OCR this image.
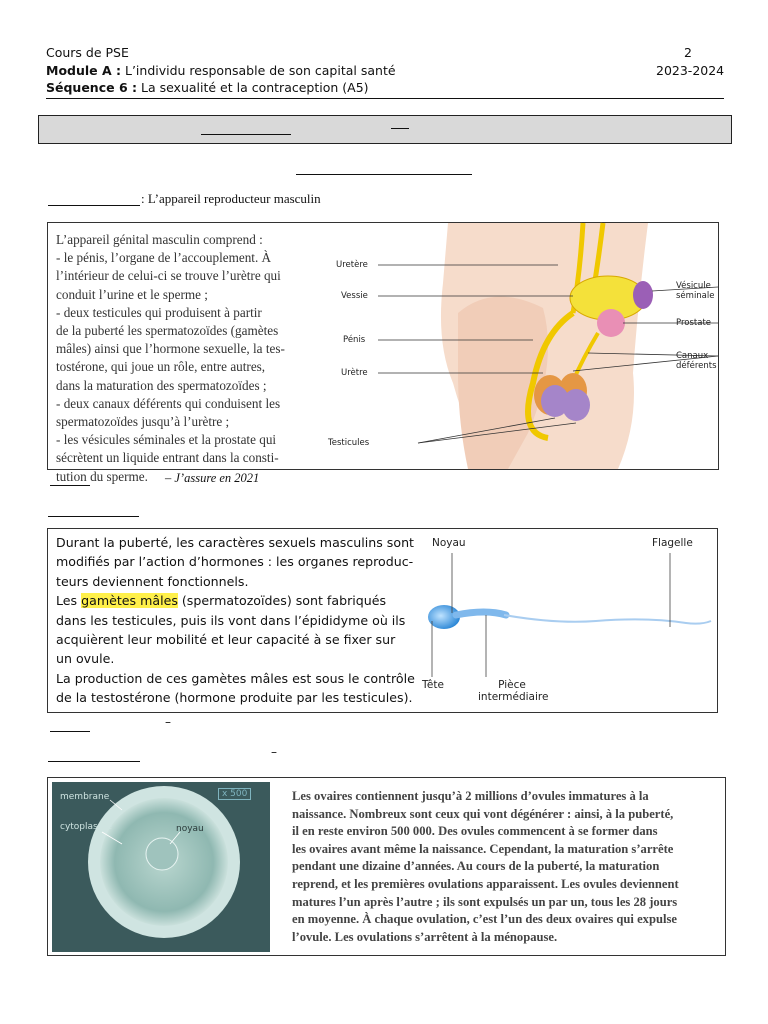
Cours de PSE	2
Module A : L’individu responsable de son capital santé	2023-2024
Séquence 6 : La sexualité et la contraception (A5)
: L’appareil reproducteur masculin
L’appareil génital masculin comprend :
- le pénis, l’organe de l’accouplement. À
l’intérieur de celui-ci se trouve l’urètre qui
conduit l’urine et le sperme ;
- deux testicules qui produisent à partir
de la puberté les spermatozoïdes (gamètes
mâles) ainsi que l’hormone sexuelle, la tes-
tostérone, qui joue un rôle, entre autres,
dans la maturation des spermatozoïdes ;
- deux canaux déférents qui conduisent les
spermatozoïdes jusqu’à l’urètre ;
- les vésicules séminales et la prostate qui
sécrètent un liquide entrant dans la consti-
tution du sperme.
Uretère
Vessie
Pénis
Urètre
Testicules
Vésicule séminale
Prostate
Canaux déférents
– J’assure en 2021
Durant la puberté, les caractères sexuels masculins sont
modifiés par l’action d’hormones : les organes reproduc-
teurs deviennent fonctionnels.
Les gamètes mâles (spermatozoïdes) sont fabriqués
dans les testicules, puis ils vont dans l’épididyme où ils
acquièrent leur mobilité et leur capacité à se fixer sur
un ovule.
La production de ces gamètes mâles est sous le contrôle
de la testostérone (hormone produite par les testicules).
Noyau	Flagelle
Tête	Pièce
intermédiaire
–
–
membrane
cytoplasme	noyau
x 500	Les ovaires contiennent jusqu’à 2 millions d’ovules immatures à la
naissance. Nombreux sont ceux qui vont dégénérer : ainsi, à la puberté,
il en reste environ 500 000. Des ovules commencent à se former dans
les ovaires avant même la naissance. Cependant, la maturation s’arrête
pendant une dizaine d’années. Au cours de la puberté, la maturation
reprend, et les premières ovulations apparaissent. Les ovules deviennent
matures l’un après l’autre ; ils sont expulsés un par un, tous les 28 jours
en moyenne. À chaque ovulation, c’est l’un des deux ovaires qui expulse
l’ovule. Les ovulations s’arrêtent à la ménopause.
